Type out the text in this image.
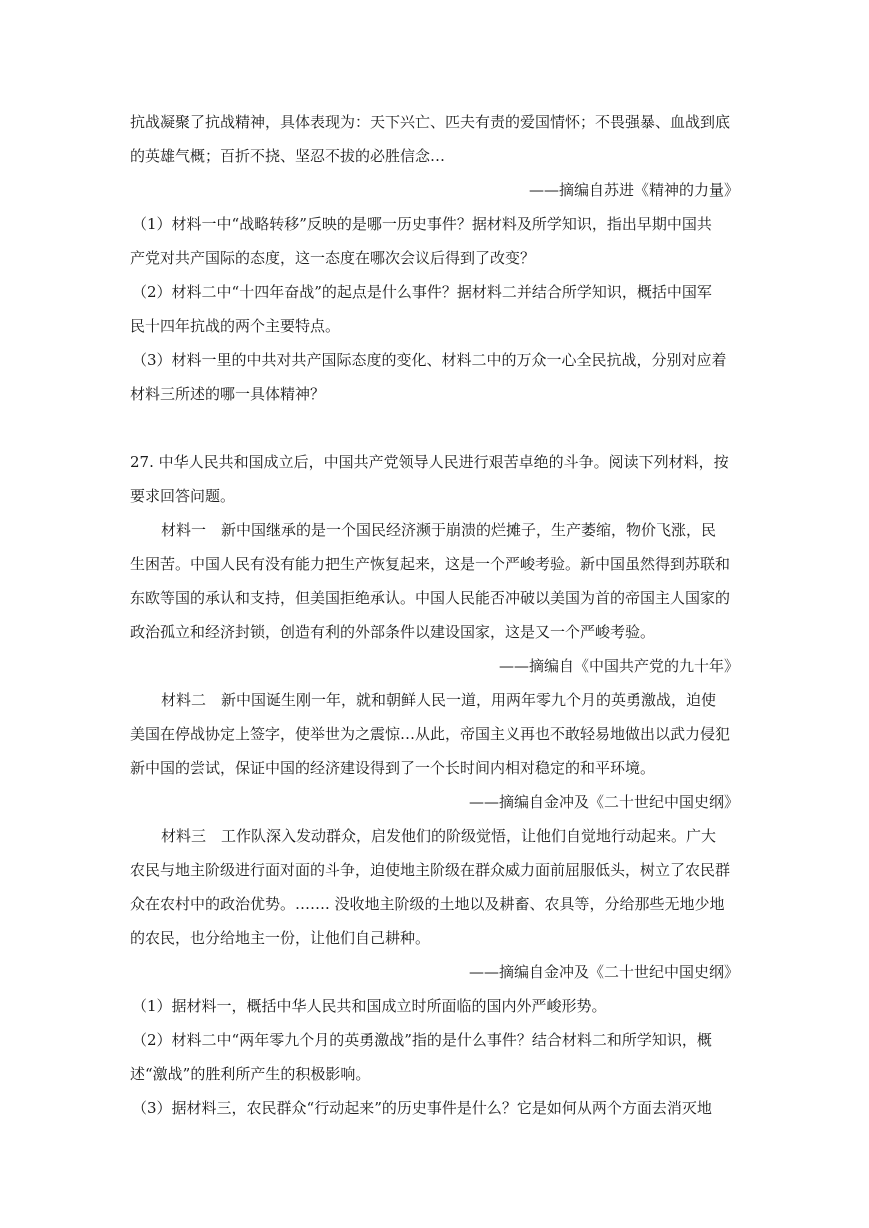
抗战凝聚了抗战精神，具体表现为：天下兴亡、匹夫有责的爱国情怀；不畏强暴、血战到底
的英雄气概；百折不挠、坚忍不拔的必胜信念…
——摘编自苏进《精神的力量》
（1）材料一中“战略转移”反映的是哪一历史事件？据材料及所学知识，指出早期中国共
产党对共产国际的态度，这一态度在哪次会议后得到了改变？
（2）材料二中“十四年奋战”的起点是什么事件？据材料二并结合所学知识，概括中国军
民十四年抗战的两个主要特点。
（3）材料一里的中共对共产国际态度的变化、材料二中的万众一心全民抗战，分别对应着
材料三所述的哪一具体精神？
27. 中华人民共和国成立后，中国共产党领导人民进行艰苦卓绝的斗争。阅读下列材料，按
要求回答问题。
材料一　新中国继承的是一个国民经济濒于崩溃的烂摊子，生产萎缩，物价飞涨，民
生困苦。中国人民有没有能力把生产恢复起来，这是一个严峻考验。新中国虽然得到苏联和
东欧等国的承认和支持，但美国拒绝承认。中国人民能否冲破以美国为首的帝国主人国家的
政治孤立和经济封锁，创造有利的外部条件以建设国家，这是又一个严峻考验。
——摘编自《中国共产党的九十年》
材料二　新中国诞生刚一年，就和朝鲜人民一道，用两年零九个月的英勇激战，迫使
美国在停战协定上签字，使举世为之震惊…从此，帝国主义再也不敢轻易地做出以武力侵犯
新中国的尝试，保证中国的经济建设得到了一个长时间内相对稳定的和平环境。
——摘编自金冲及《二十世纪中国史纲》
材料三　工作队深入发动群众，启发他们的阶级觉悟，让他们自觉地行动起来。广大
农民与地主阶级进行面对面的斗争，迫使地主阶级在群众威力面前屈服低头，树立了农民群
众在农村中的政治优势。……. 没收地主阶级的土地以及耕畜、农具等，分给那些无地少地
的农民，也分给地主一份，让他们自己耕种。
——摘编自金冲及《二十世纪中国史纲》
（1）据材料一，概括中华人民共和国成立时所面临的国内外严峻形势。
（2）材料二中“两年零九个月的英勇激战”指的是什么事件？结合材料二和所学知识，概
述“激战”的胜利所产生的积极影响。
（3）据材料三，农民群众“行动起来”的历史事件是什么？它是如何从两个方面去消灭地
